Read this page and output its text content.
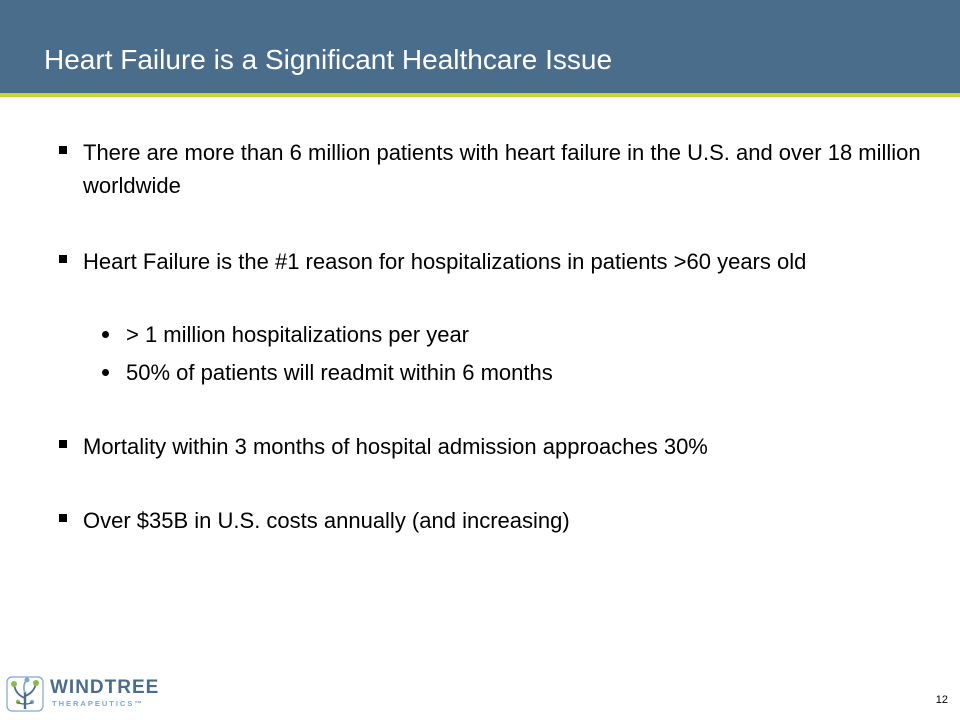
Heart Failure is a Significant Healthcare Issue
There are more than 6 million patients with heart failure in the U.S. and over 18 million worldwide
Heart Failure is the #1 reason for hospitalizations in patients >60 years old
> 1 million hospitalizations per year
50% of patients will readmit within 6 months
Mortality within 3 months of hospital admission approaches 30%
Over $35B in U.S. costs annually (and increasing)
WINDTREE
THERAPEUTICS™	12
